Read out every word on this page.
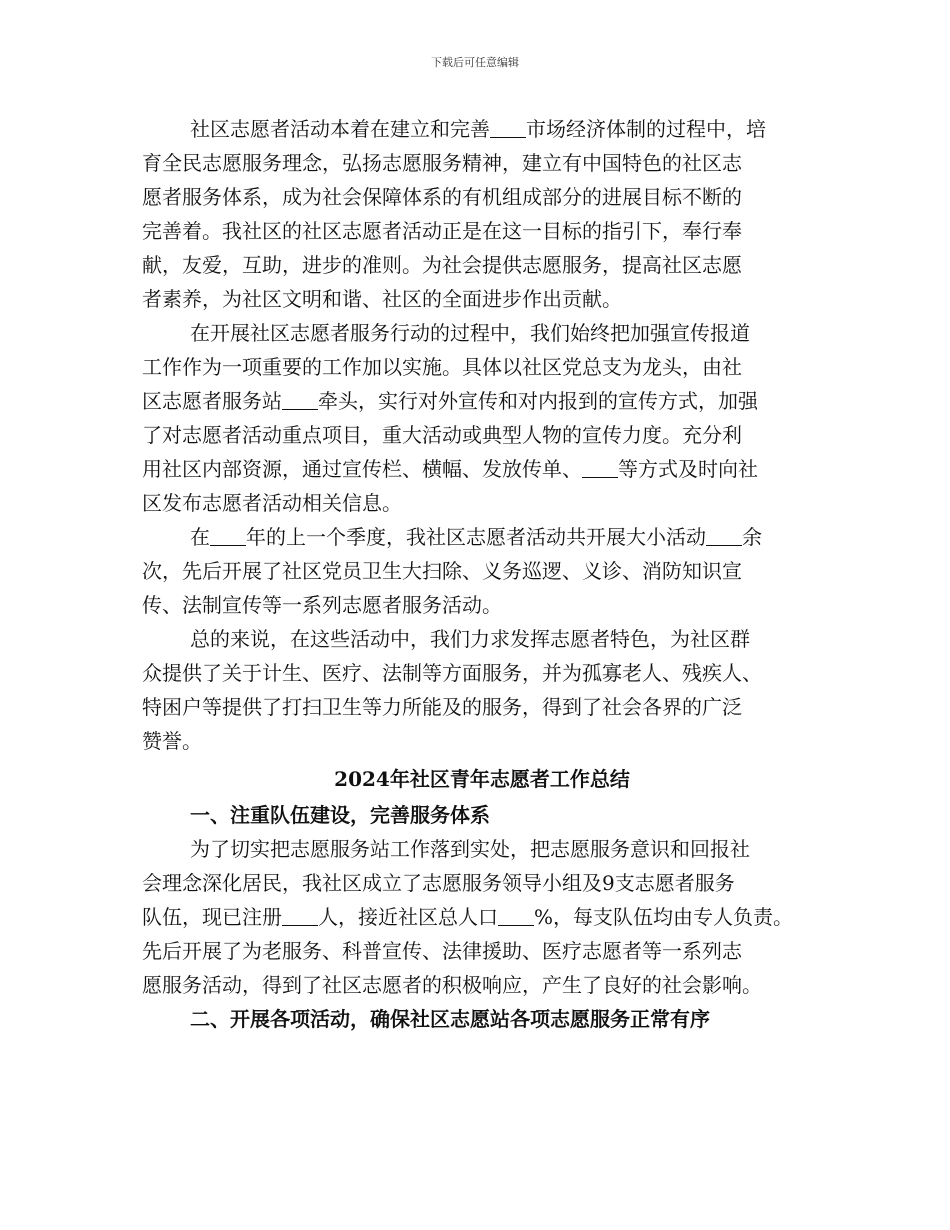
下载后可任意编辑
社区志愿者活动本着在建立和完善 市场经济体制的过程中，培
育全民志愿服务理念，弘扬志愿服务精神，建立有中国特色的社区志
愿者服务体系，成为社会保障体系的有机组成部分的进展目标不断的
完善着。我社区的社区志愿者活动正是在这一目标的指引下，奉行奉
献，友爱，互助，进步的准则。为社会提供志愿服务，提高社区志愿
者素养，为社区文明和谐、社区的全面进步作出贡献。
在开展社区志愿者服务行动的过程中，我们始终把加强宣传报道
工作作为一项重要的工作加以实施。具体以社区党总支为龙头，由社
区志愿者服务站 牵头，实行对外宣传和对内报到的宣传方式，加强
了对志愿者活动重点项目，重大活动或典型人物的宣传力度。充分利
用社区内部资源，通过宣传栏、横幅、发放传单、 等方式及时向社
区发布志愿者活动相关信息。
在 年的上一个季度，我社区志愿者活动共开展大小活动 余
次，先后开展了社区党员卫生大扫除、义务巡逻、义诊、消防知识宣
传、法制宣传等一系列志愿者服务活动。
总的来说，在这些活动中，我们力求发挥志愿者特色，为社区群
众提供了关于计生、医疗、法制等方面服务，并为孤寡老人、残疾人、
特困户等提供了打扫卫生等力所能及的服务，得到了社会各界的广泛
赞誉。
2024年社区青年志愿者工作总结
一、注重队伍建设，完善服务体系
为了切实把志愿服务站工作落到实处，把志愿服务意识和回报社
会理念深化居民，我社区成立了志愿服务领导小组及9支志愿者服务
队伍，现已注册 人，接近社区总人口 %，每支队伍均由专人负责。
先后开展了为老服务、科普宣传、法律援助、医疗志愿者等一系列志
愿服务活动，得到了社区志愿者的积极响应，产生了良好的社会影响。
二、开展各项活动，确保社区志愿站各项志愿服务正常有序
